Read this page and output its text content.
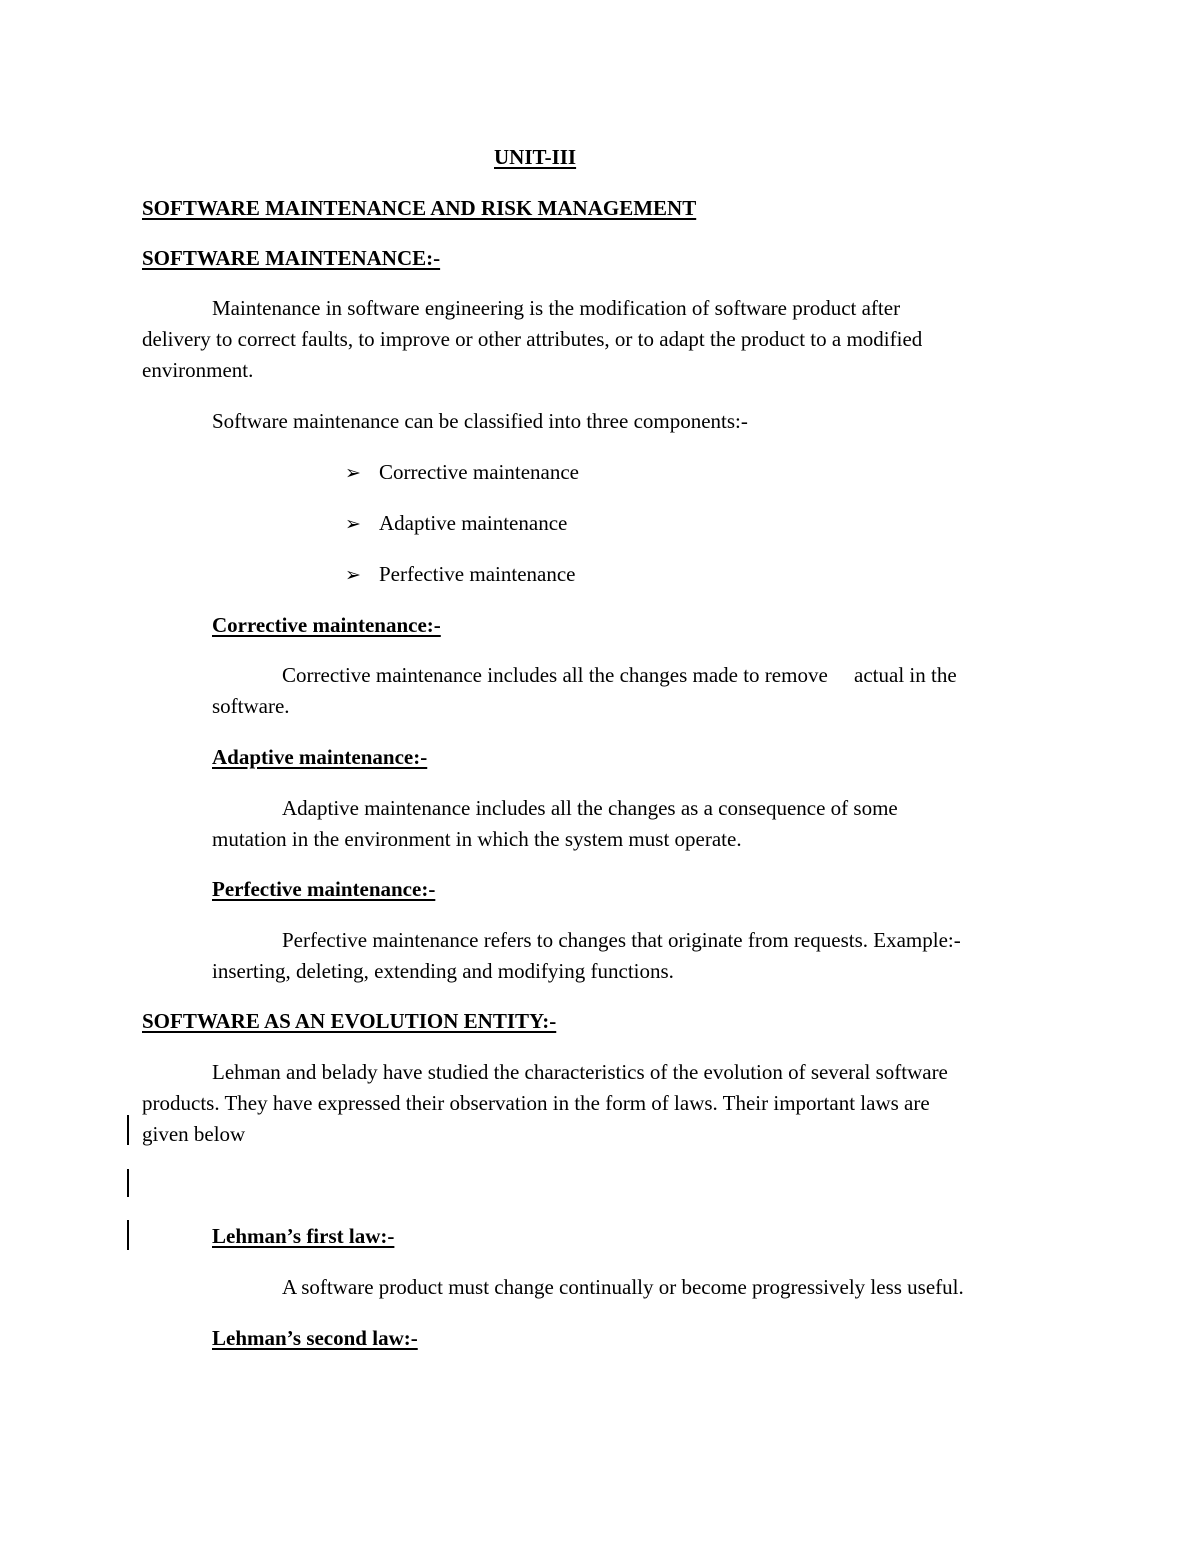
UNIT-III
SOFTWARE MAINTENANCE AND RISK MANAGEMENT
SOFTWARE MAINTENANCE:-
Maintenance in software engineering is the modification of software product after
delivery to correct faults, to improve or other attributes, or to adapt the product to a modified
environment.
Software maintenance can be classified into three components:-
➢ Corrective maintenance
➢ Adaptive maintenance
➢ Perfective maintenance
Corrective maintenance:-
Corrective maintenance includes all the changes made to remove     actual in the
software.
Adaptive maintenance:-
Adaptive maintenance includes all the changes as a consequence of some
mutation in the environment in which the system must operate.
Perfective maintenance:-
Perfective maintenance refers to changes that originate from requests. Example:-
inserting, deleting, extending and modifying functions.
SOFTWARE AS AN EVOLUTION ENTITY:-
Lehman and belady have studied the characteristics of the evolution of several software
products. They have expressed their observation in the form of laws. Their important laws are
given below
Lehman’s first law:-
A software product must change continually or become progressively less useful.
Lehman’s second law:-
